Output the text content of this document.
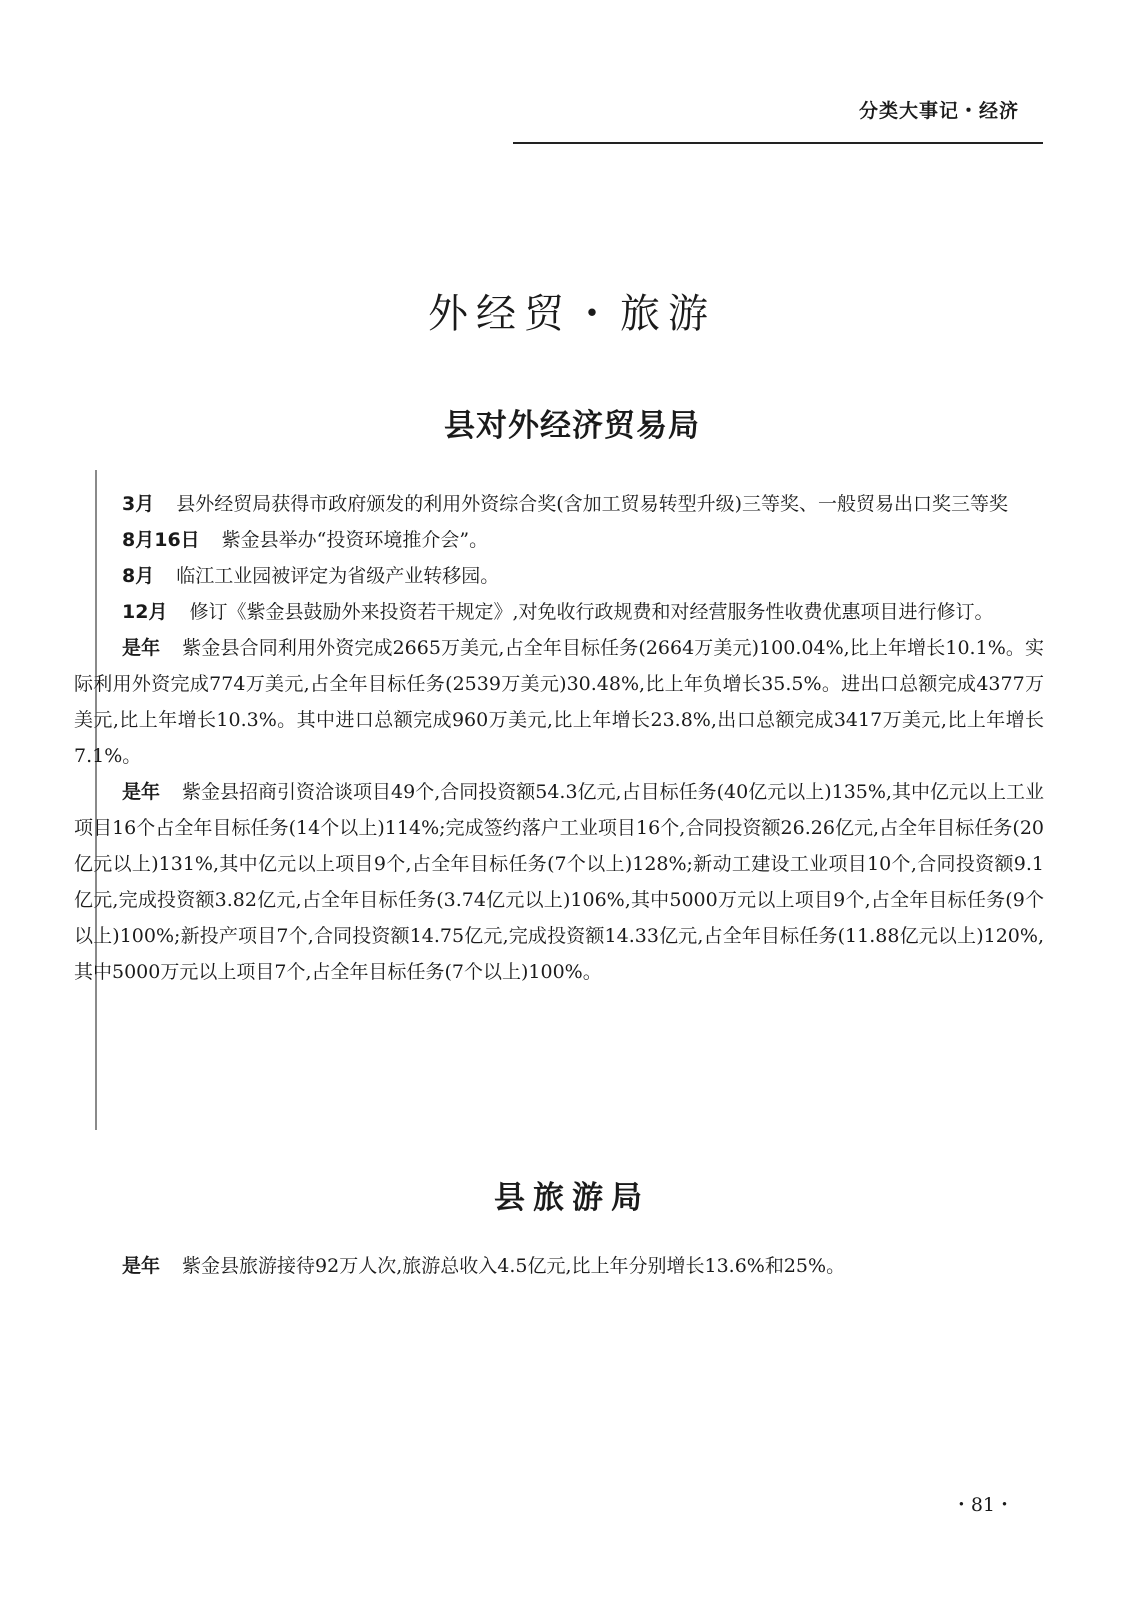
分类大事记・经济
外经贸・旅游
县对外经济贸易局

3月 县外经贸局获得市政府颁发的利用外资综合奖(含加工贸易转型升级)三等奖、一般贸易出口奖三等奖

8月16日 紫金县举办“投资环境推介会”。

8月 临江工业园被评定为省级产业转移园。

12月 修订《紫金县鼓励外来投资若干规定》,对免收行政规费和对经营服务性收费优惠项目进行修订。

是年 紫金县合同利用外资完成2665万美元,占全年目标任务(2664万美元)100.04%,比上年增长10.1%。实际利用外资完成774万美元,占全年目标任务(2539万美元)30.48%,比上年负增长35.5%。进出口总额完成4377万美元,比上年增长10.3%。其中进口总额完成960万美元,比上年增长23.8%,出口总额完成3417万美元,比上年增长7.1%。

是年 紫金县招商引资洽谈项目49个,合同投资额54.3亿元,占目标任务(40亿元以上)135%,其中亿元以上工业项目16个占全年目标任务(14个以上)114%;完成签约落户工业项目16个,合同投资额26.26亿元,占全年目标任务(20亿元以上)131%,其中亿元以上项目9个,占全年目标任务(7个以上)128%;新动工建设工业项目10个,合同投资额9.1亿元,完成投资额3.82亿元,占全年目标任务(3.74亿元以上)106%,其中5000万元以上项目9个,占全年目标任务(9个以上)100%;新投产项目7个,合同投资额14.75亿元,完成投资额14.33亿元,占全年目标任务(11.88亿元以上)120%,其中5000万元以上项目7个,占全年目标任务(7个以上)100%。

县旅游局

是年 紫金县旅游接待92万人次,旅游总收入4.5亿元,比上年分别增长13.6%和25%。

・81・
